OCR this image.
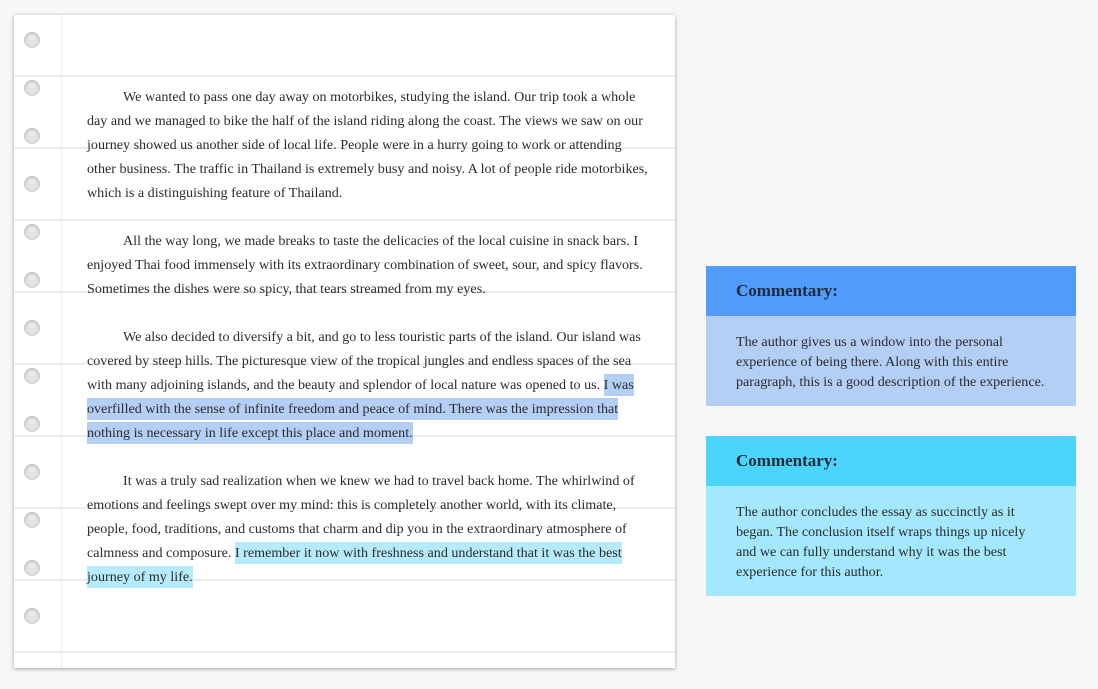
We wanted to pass one day away on motorbikes, studying the island. Our trip took a whole day and we managed to bike the half of the island riding along the coast. The views we saw on our journey showed us another side of local life. People were in a hurry going to work or attending other business. The traffic in Thailand is extremely busy and noisy. A lot of people ride motorbikes, which is a distinguishing feature of Thailand.

All the way long, we made breaks to taste the delicacies of the local cuisine in snack bars. I enjoyed Thai food immensely with its extraordinary combination of sweet, sour, and spicy flavors. Sometimes the dishes were so spicy, that tears streamed from my eyes.

We also decided to diversify a bit, and go to less touristic parts of the island. Our island was covered by steep hills. The picturesque view of the tropical jungles and endless spaces of the sea with many adjoining islands, and the beauty and splendor of local nature was opened to us. I was overfilled with the sense of infinite freedom and peace of mind. There was the impression that nothing is necessary in life except this place and moment.

It was a truly sad realization when we knew we had to travel back home. The whirlwind of emotions and feelings swept over my mind: this is completely another world, with its climate, people, food, traditions, and customs that charm and dip you in the extraordinary atmosphere of calmness and composure. I remember it now with freshness and understand that it was the best journey of my life.

Commentary:
The author gives us a window into the personal experience of being there. Along with this entire paragraph, this is a good description of the experience.
Commentary:
The author concludes the essay as succinctly as it began. The conclusion itself wraps things up nicely and we can fully understand why it was the best experience for this author.
